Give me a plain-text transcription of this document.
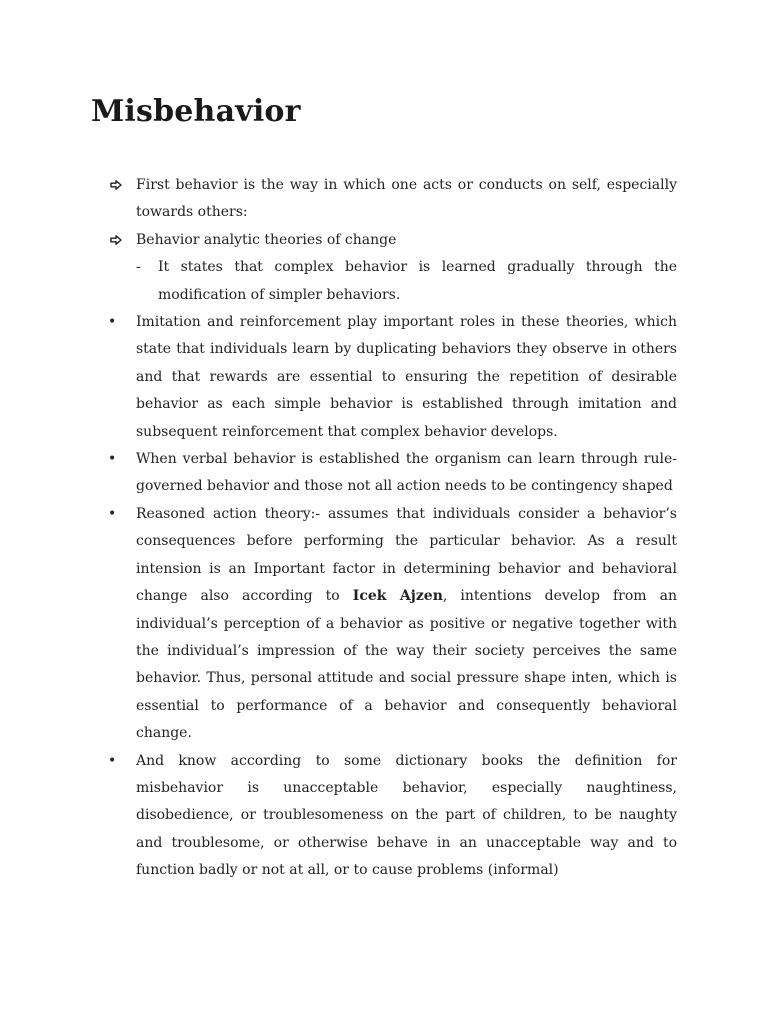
Misbehavior
First behavior is the way in which one acts or conducts on self, especially towards others:
Behavior analytic theories of change
- It states that complex behavior is learned gradually through the modification of simpler behaviors.
•	Imitation and reinforcement play important roles in these theories, which state that individuals learn by duplicating behaviors they observe in others and that rewards are essential to ensuring the repetition of desirable behavior as each simple behavior is established through imitation and subsequent reinforcement that complex behavior develops.
•	When verbal behavior is established the organism can learn through rule-governed behavior and those not all action needs to be contingency shaped
•	Reasoned action theory:- assumes that individuals consider a behavior’s consequences before performing the particular behavior. As a result intension is an Important factor in determining behavior and behavioral change also according to Icek Ajzen, intentions develop from an individual’s perception of a behavior as positive or negative together with the individual’s impression of the way their society perceives the same behavior. Thus, personal attitude and social pressure shape inten, which is essential to performance of a behavior and consequently behavioral change.
•	And know according to some dictionary books the definition for misbehavior is unacceptable behavior, especially naughtiness, disobedience, or troublesomeness on the part of children, to be naughty and troublesome, or otherwise behave in an unacceptable way and to function badly or not at all, or to cause problems (informal)
